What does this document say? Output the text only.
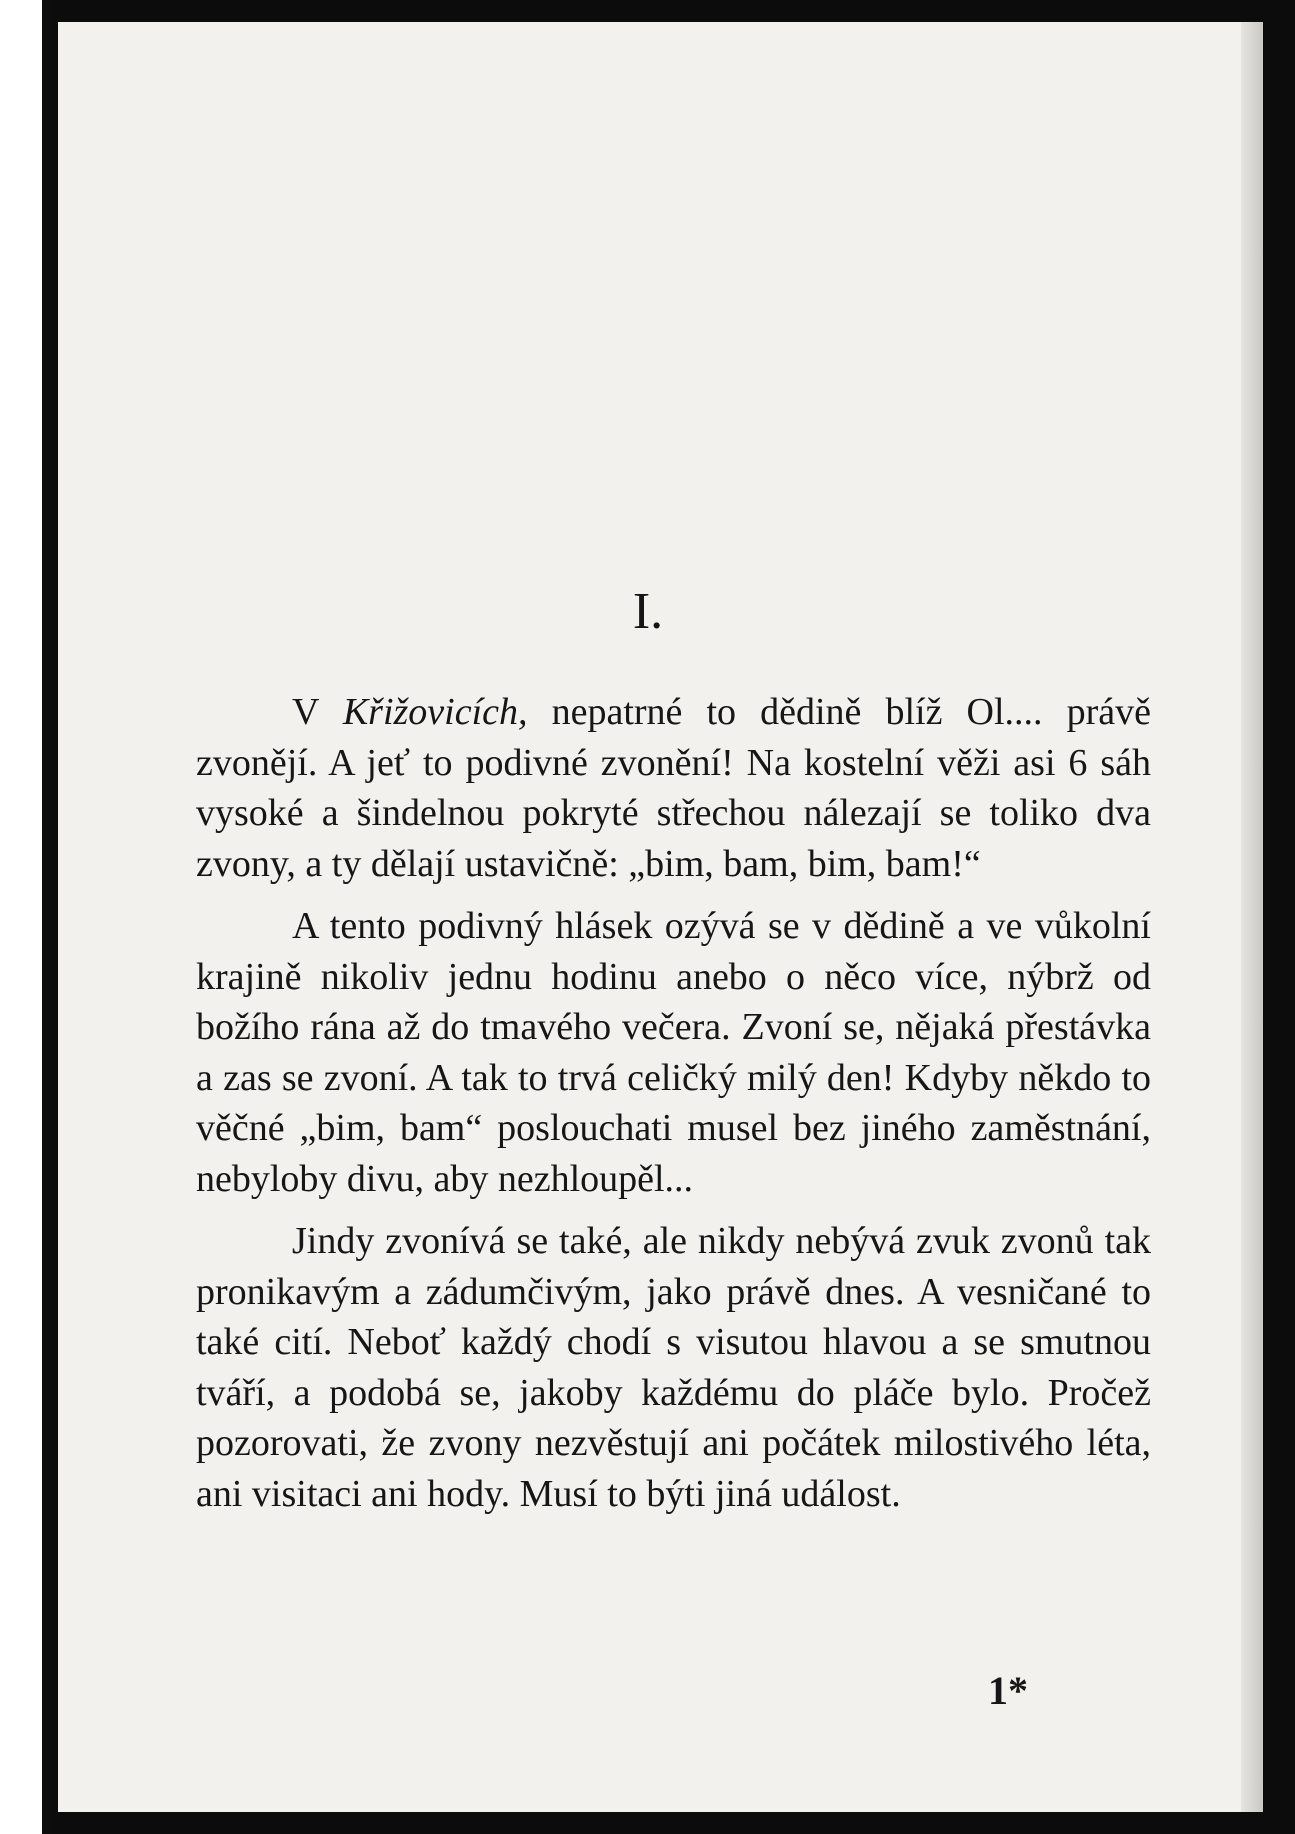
I.

V Křižovicích, nepatrné to dědině blíž Ol.... právě zvonějí. A jeť to podivné zvonění! Na kostelní věži asi 6 sáh vysoké a šindelnou pokryté střechou nálezají se toliko dva zvony, a ty dělají ustavičně: „bim, bam, bim, bam!“

A tento podivný hlásek ozývá se v dědině a ve vůkolní krajině nikoliv jednu hodinu anebo o něco více, nýbrž od božího rána až do tmavého večera. Zvoní se, nějaká přestávka a zas se zvoní. A tak to trvá celičký milý den! Kdyby někdo to věčné „bim, bam“ poslouchati musel bez jiného zaměstnání, nebyloby divu, aby nezhloupěl...

Jindy zvonívá se také, ale nikdy nebývá zvuk zvonů tak pronikavým a zádumčivým, jako právě dnes. A vesničané to také cití. Neboť každý chodí s visutou hlavou a se smutnou tváří, a podobá se, jakoby každému do pláče bylo. Pročež pozorovati, že zvony nezvěstují ani počátek milostivého léta, ani visitaci ani hody. Musí to býti jiná událost.

1*
